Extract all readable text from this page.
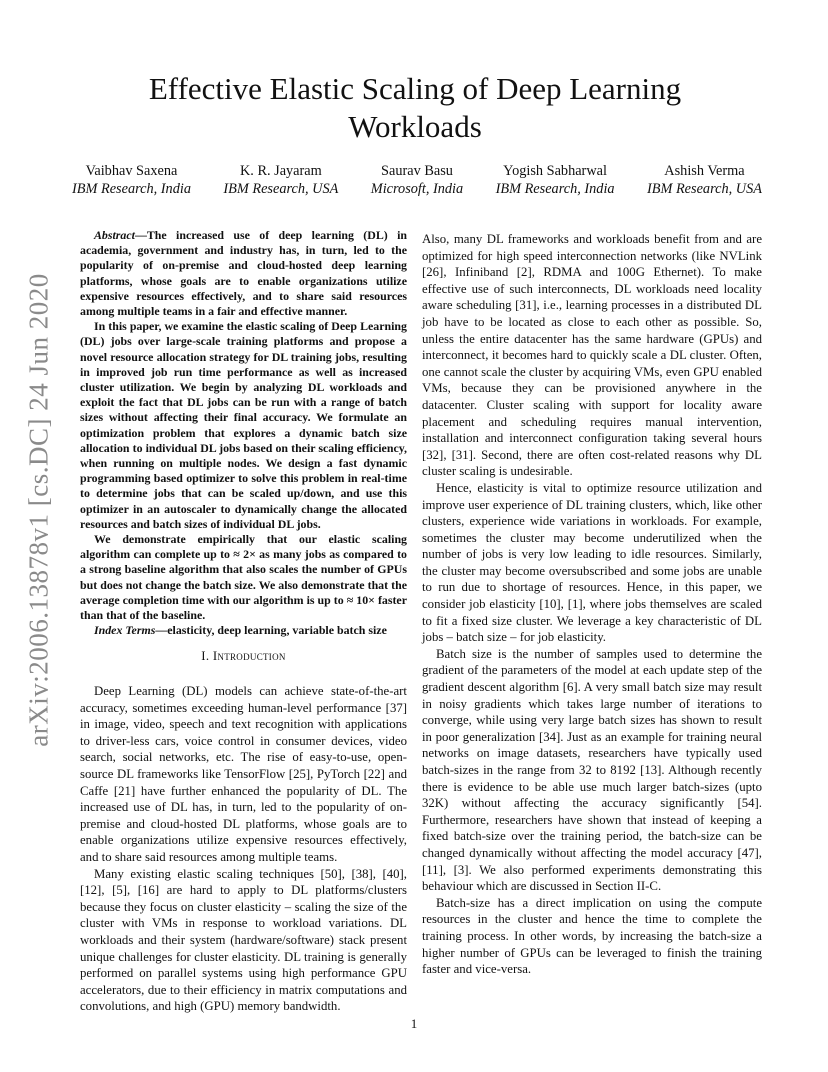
arXiv:2006.13878v1 [cs.DC] 24 Jun 2020
Effective Elastic Scaling of Deep Learning Workloads
Vaibhav Saxena
IBM Research, India
K. R. Jayaram
IBM Research, USA
Saurav Basu
Microsoft, India
Yogish Sabharwal
IBM Research, India
Ashish Verma
IBM Research, USA

Abstract—The increased use of deep learning (DL) in academia, government and industry has, in turn, led to the popularity of on-premise and cloud-hosted deep learning platforms, whose goals are to enable organizations utilize expensive resources effectively, and to share said resources among multiple teams in a fair and effective manner.

In this paper, we examine the elastic scaling of Deep Learning (DL) jobs over large-scale training platforms and propose a novel resource allocation strategy for DL training jobs, resulting in improved job run time performance as well as increased cluster utilization. We begin by analyzing DL workloads and exploit the fact that DL jobs can be run with a range of batch sizes without affecting their final accuracy. We formulate an optimization problem that explores a dynamic batch size allocation to individual DL jobs based on their scaling efficiency, when running on multiple nodes. We design a fast dynamic programming based optimizer to solve this problem in real-time to determine jobs that can be scaled up/down, and use this optimizer in an autoscaler to dynamically change the allocated resources and batch sizes of individual DL jobs.

We demonstrate empirically that our elastic scaling algorithm can complete up to ≈ 2× as many jobs as compared to a strong baseline algorithm that also scales the number of GPUs but does not change the batch size. We also demonstrate that the average completion time with our algorithm is up to ≈ 10× faster than that of the baseline.

Index Terms—elasticity, deep learning, variable batch size

I. Introduction

Deep Learning (DL) models can achieve state-of-the-art accuracy, sometimes exceeding human-level performance [37] in image, video, speech and text recognition with applications to driver-less cars, voice control in consumer devices, video search, social networks, etc. The rise of easy-to-use, open-source DL frameworks like TensorFlow [25], PyTorch [22] and Caffe [21] have further enhanced the popularity of DL. The increased use of DL has, in turn, led to the popularity of on-premise and cloud-hosted DL platforms, whose goals are to enable organizations utilize expensive resources effectively, and to share said resources among multiple teams.

Many existing elastic scaling techniques [50], [38], [40], [12], [5], [16] are hard to apply to DL platforms/clusters because they focus on cluster elasticity – scaling the size of the cluster with VMs in response to workload variations. DL workloads and their system (hardware/software) stack present unique challenges for cluster elasticity. DL training is generally performed on parallel systems using high performance GPU accelerators, due to their efficiency in matrix computations and convolutions, and high (GPU) memory bandwidth.

Also, many DL frameworks and workloads benefit from and are optimized for high speed interconnection networks (like NVLink [26], Infiniband [2], RDMA and 100G Ethernet). To make effective use of such interconnects, DL workloads need locality aware scheduling [31], i.e., learning processes in a distributed DL job have to be located as close to each other as possible. So, unless the entire datacenter has the same hardware (GPUs) and interconnect, it becomes hard to quickly scale a DL cluster. Often, one cannot scale the cluster by acquiring VMs, even GPU enabled VMs, because they can be provisioned anywhere in the datacenter. Cluster scaling with support for locality aware placement and scheduling requires manual intervention, installation and interconnect configuration taking several hours [32], [31]. Second, there are often cost-related reasons why DL cluster scaling is undesirable.

Hence, elasticity is vital to optimize resource utilization and improve user experience of DL training clusters, which, like other clusters, experience wide variations in workloads. For example, sometimes the cluster may become underutilized when the number of jobs is very low leading to idle resources. Similarly, the cluster may become oversubscribed and some jobs are unable to run due to shortage of resources. Hence, in this paper, we consider job elasticity [10], [1], where jobs themselves are scaled to fit a fixed size cluster. We leverage a key characteristic of DL jobs – batch size – for job elasticity.

Batch size is the number of samples used to determine the gradient of the parameters of the model at each update step of the gradient descent algorithm [6]. A very small batch size may result in noisy gradients which takes large number of iterations to converge, while using very large batch sizes has shown to result in poor generalization [34]. Just as an example for training neural networks on image datasets, researchers have typically used batch-sizes in the range from 32 to 8192 [13]. Although recently there is evidence to be able use much larger batch-sizes (upto 32K) without affecting the accuracy significantly [54]. Furthermore, researchers have shown that instead of keeping a fixed batch-size over the training period, the batch-size can be changed dynamically without affecting the model accuracy [47], [11], [3]. We also performed experiments demonstrating this behaviour which are discussed in Section II-C.

Batch-size has a direct implication on using the compute resources in the cluster and hence the time to complete the training process. In other words, by increasing the batch-size a higher number of GPUs can be leveraged to finish the training faster and vice-versa.

1
